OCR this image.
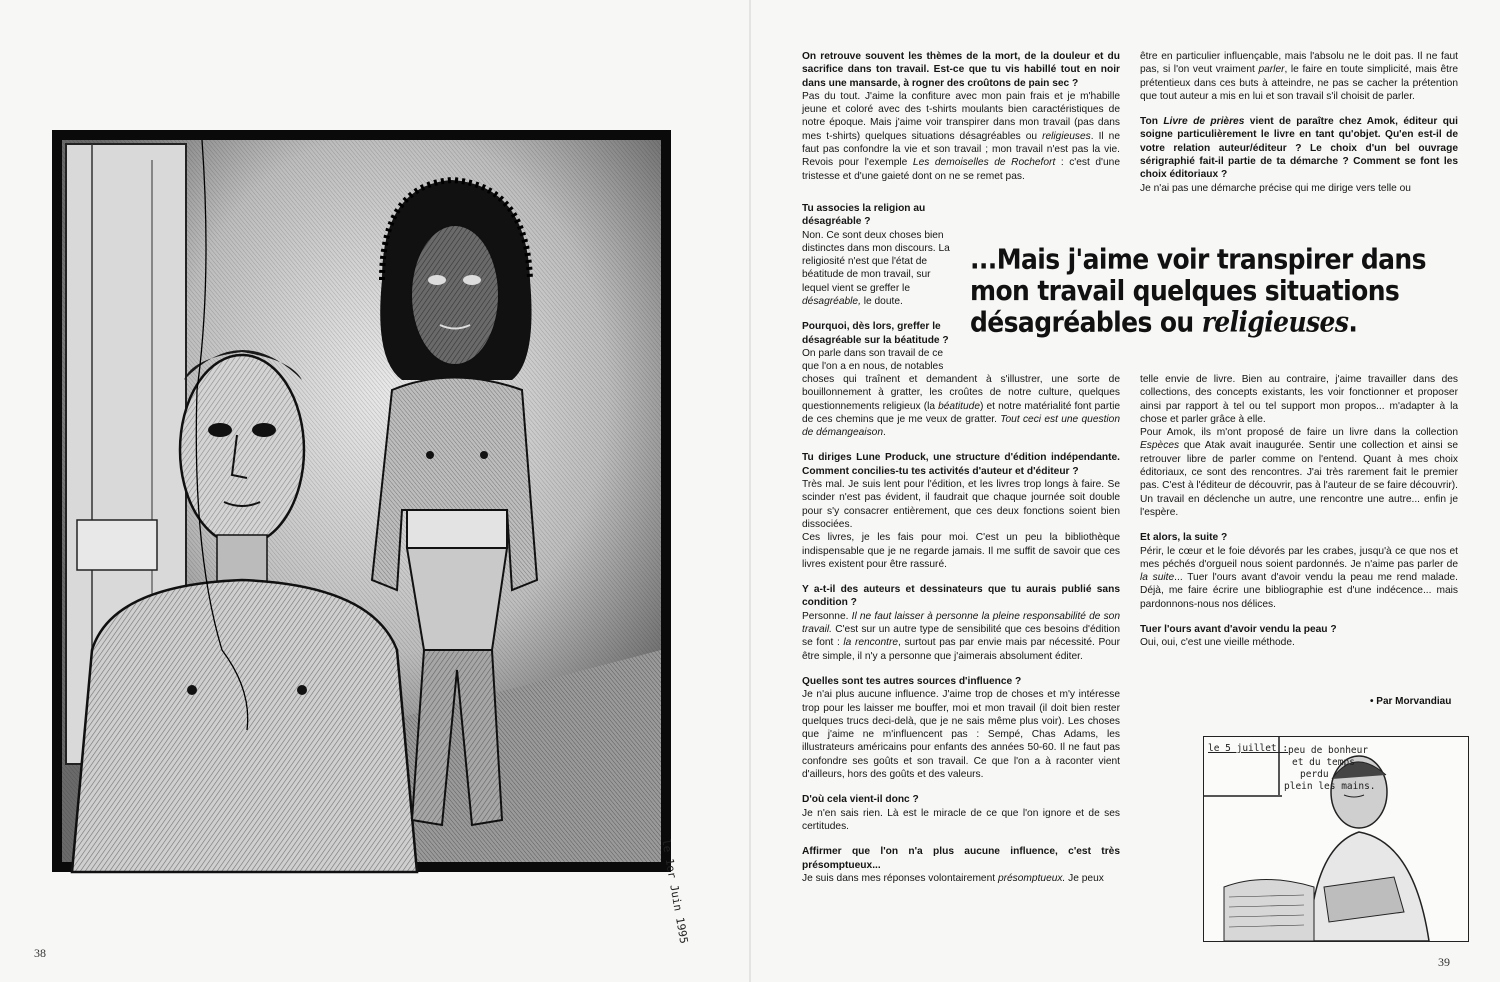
le 1er Juin 1995
38

On retrouve souvent les thèmes de la mort, de la douleur et du sacrifice dans ton travail. Est-ce que tu vis habillé tout en noir dans une mansarde, à rogner des croûtons de pain sec ?

Pas du tout. J'aime la confiture avec mon pain frais et je m'habille jeune et coloré avec des t-shirts moulants bien caractéristiques de notre époque. Mais j'aime voir transpirer dans mon travail (pas dans mes t-shirts) quelques situations désagréables ou religieuses. Il ne faut pas confondre la vie et son travail ; mon travail n'est pas la vie. Revois pour l'exemple Les demoiselles de Rochefort : c'est d'une tristesse et d'une gaieté dont on ne se remet pas.

Tu associes la religion au désagréable ?

Non. Ce sont deux choses bien distinctes dans mon discours. La religiosité n'est que l'état de béatitude de mon travail, sur lequel vient se greffer le désagréable, le doute.

Pourquoi, dès lors, greffer le désagréable sur la béatitude ?

On parle dans son travail de ce que l'on a en nous, de notables

choses qui traînent et demandent à s'illustrer, une sorte de bouillonnement à gratter, les croûtes de notre culture, quelques questionnements religieux (la béatitude) et notre matérialité font partie de ces chemins que je me veux de gratter. Tout ceci est une question de démangeaison.

Tu diriges Lune Produck, une structure d'édition indépendante. Comment concilies-tu tes activités d'auteur et d'éditeur ?

Très mal. Je suis lent pour l'édition, et les livres trop longs à faire. Se scinder n'est pas évident, il faudrait que chaque journée soit double pour s'y consacrer entièrement, que ces deux fonctions soient bien dissociées.

Ces livres, je les fais pour moi. C'est un peu la bibliothèque indispensable que je ne regarde jamais. Il me suffit de savoir que ces livres existent pour être rassuré.

Y a-t-il des auteurs et dessinateurs que tu aurais publié sans condition ?

Personne. Il ne faut laisser à personne la pleine responsabilité de son travail. C'est sur un autre type de sensibilité que ces besoins d'édition se font : la rencontre, surtout pas par envie mais par nécessité. Pour être simple, il n'y a personne que j'aimerais absolument éditer.

Quelles sont tes autres sources d'influence ?

Je n'ai plus aucune influence. J'aime trop de choses et m'y intéresse trop pour les laisser me bouffer, moi et mon travail (il doit bien rester quelques trucs deci-delà, que je ne sais même plus voir). Les choses que j'aime ne m'influencent pas : Sempé, Chas Adams, les illustrateurs américains pour enfants des années 50-60. Il ne faut pas confondre ses goûts et son travail. Ce que l'on a à raconter vient d'ailleurs, hors des goûts et des valeurs.

D'où cela vient-il donc ?

Je n'en sais rien. Là est le miracle de ce que l'on ignore et de ses certitudes.

Affirmer que l'on n'a plus aucune influence, c'est très présomptueux...

Je suis dans mes réponses volontairement présomptueux. Je peux

être en particulier influençable, mais l'absolu ne le doit pas. Il ne faut pas, si l'on veut vraiment parler, le faire en toute simplicité, mais être prétentieux dans ces buts à atteindre, ne pas se cacher la prétention que tout auteur a mis en lui et son travail s'il choisit de parler.

Ton Livre de prières vient de paraître chez Amok, éditeur qui soigne particulièrement le livre en tant qu'objet. Qu'en est-il de votre relation auteur/éditeur ? Le choix d'un bel ouvrage sérigraphié fait-il partie de ta démarche ? Comment se font les choix éditoriaux ?

Je n'ai pas une démarche précise qui me dirige vers telle ou

...Mais j'aime voir transpirer dans
mon travail quelques situations
désagréables ou religieuses.

telle envie de livre. Bien au contraire, j'aime travailler dans des collections, des concepts existants, les voir fonctionner et proposer ainsi par rapport à tel ou tel support mon propos... m'adapter à la chose et parler grâce à elle.

Pour Amok, ils m'ont proposé de faire un livre dans la collection Espèces que Atak avait inaugurée. Sentir une collection et ainsi se retrouver libre de parler comme on l'entend. Quant à mes choix éditoriaux, ce sont des rencontres. J'ai très rarement fait le premier pas. C'est à l'éditeur de découvrir, pas à l'auteur de se faire découvrir). Un travail en déclenche un autre, une rencontre une autre... enfin je l'espère.

Et alors, la suite ?

Périr, le cœur et le foie dévorés par les crabes, jusqu'à ce que nos et mes péchés d'orgueil nous soient pardonnés. Je n'aime pas parler de la suite... Tuer l'ours avant d'avoir vendu la peau me rend malade. Déjà, me faire écrire une bibliographie est d'une indécence... mais pardonnons-nous nos délices.

Tuer l'ours avant d'avoir vendu la peau ?

Oui, oui, c'est une vieille méthode.

• Par Morvandiau
le 5 juillet : peu de bonheur
et du temps
perdu
plein les mains.
39
